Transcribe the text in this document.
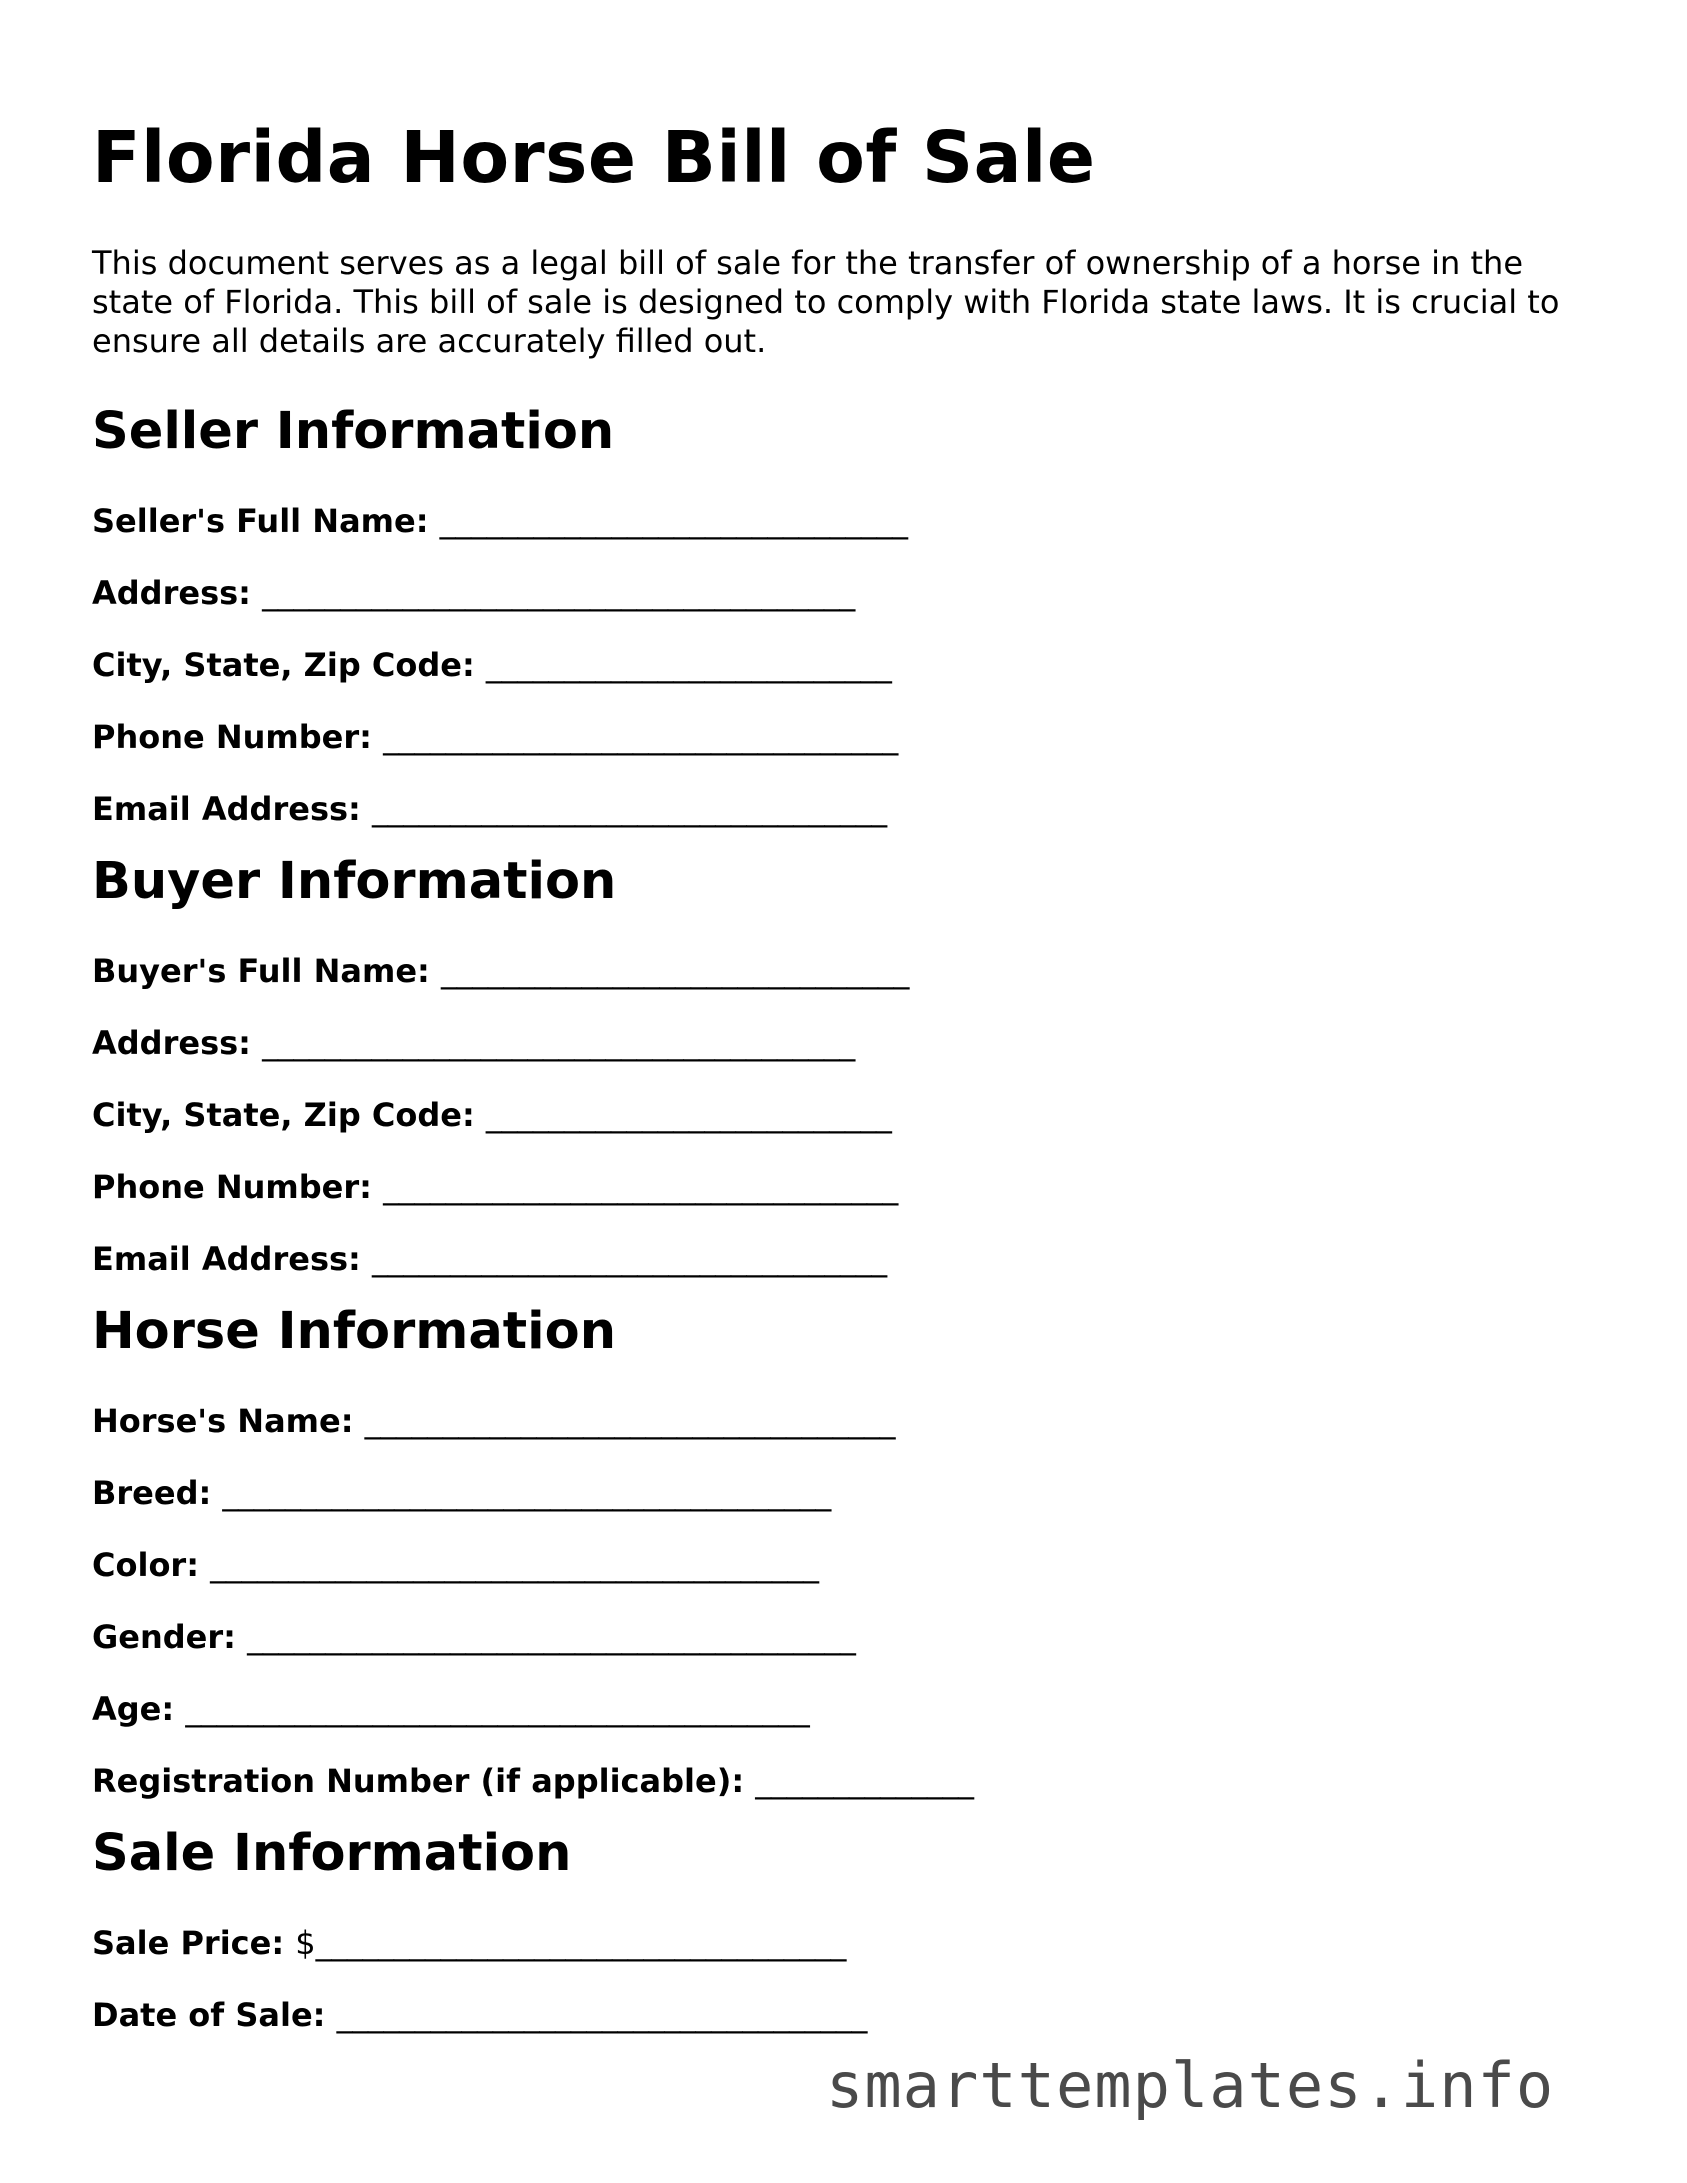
Florida Horse Bill of Sale

This document serves as a legal bill of sale for the transfer of ownership of a horse in the state of Florida. This bill of sale is designed to comply with Florida state laws. It is crucial to ensure all details are accurately filled out.

Seller Information
Seller's Full Name: ______________________________
Address: ______________________________________
City, State, Zip Code: __________________________
Phone Number: _________________________________
Email Address: _________________________________
Buyer Information
Buyer's Full Name: ______________________________
Address: ______________________________________
City, State, Zip Code: __________________________
Phone Number: _________________________________
Email Address: _________________________________
Horse Information
Horse's Name: __________________________________
Breed: _______________________________________
Color: _______________________________________
Gender: _______________________________________
Age: ________________________________________
Registration Number (if applicable): ______________
Sale Information
Sale Price: $__________________________________
Date of Sale: __________________________________
smarttemplates.info
